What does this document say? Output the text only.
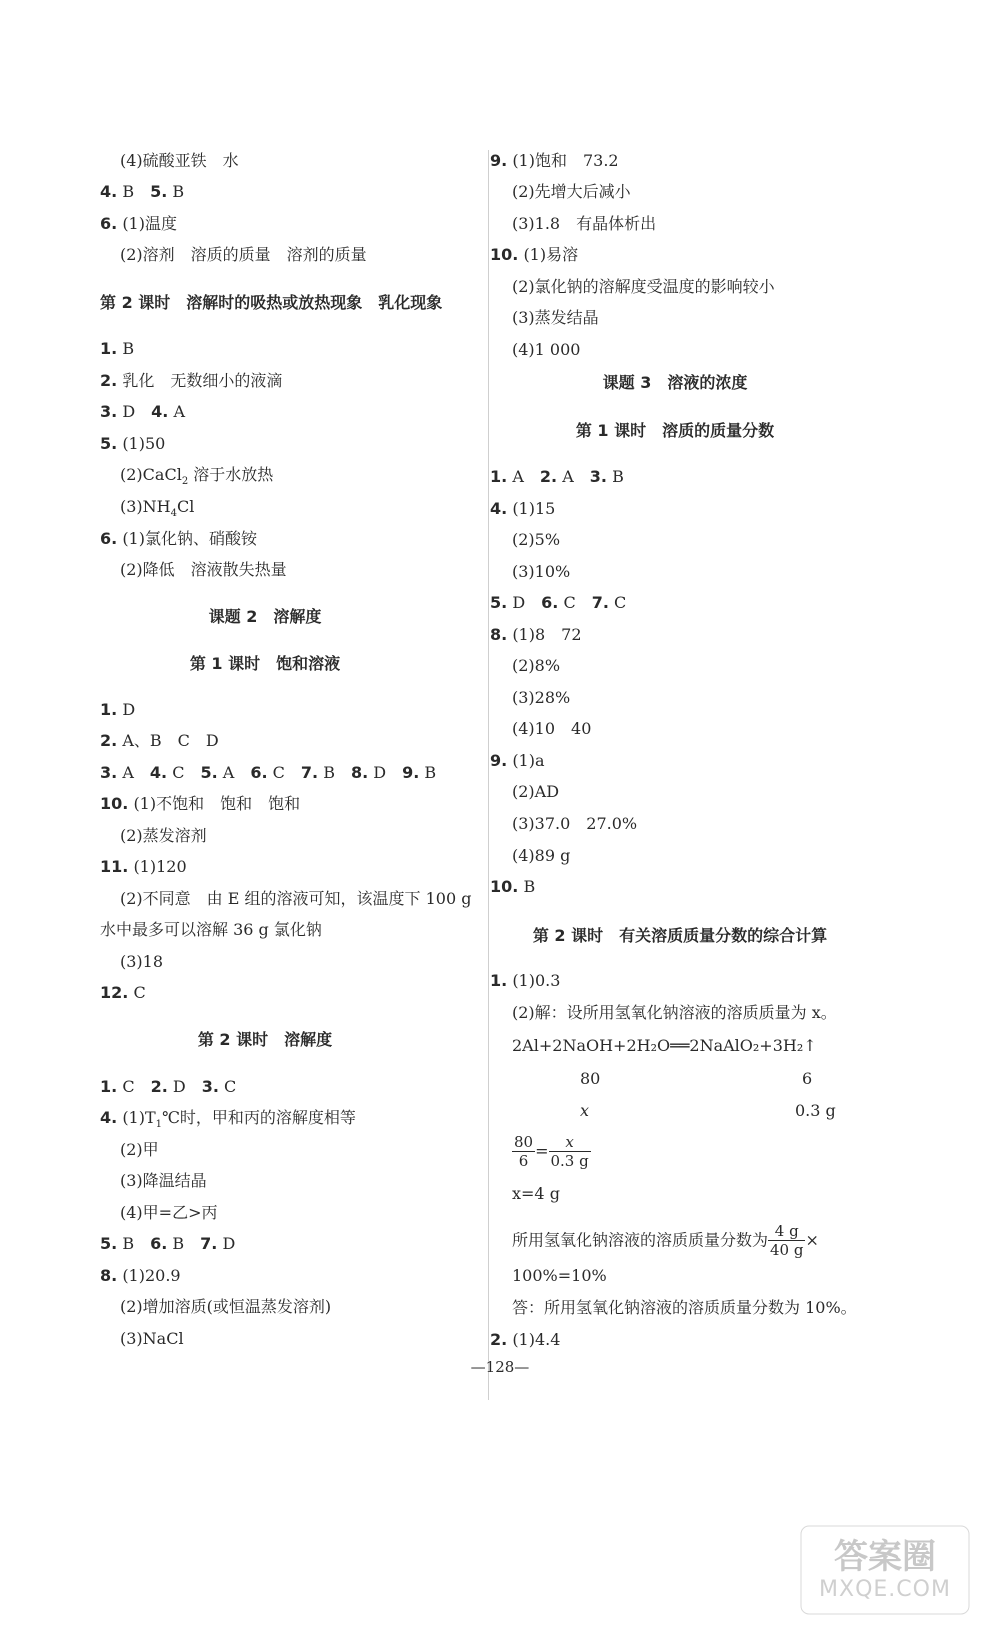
(4)硫酸亚铁　水
4. B　5. B
6. (1)温度
(2)溶剂　溶质的质量　溶剂的质量
第 2 课时　溶解时的吸热或放热现象　乳化现象
1. B
2. 乳化　无数细小的液滴
3. D　4. A
5. (1)50
(2)CaCl$_2$ 溶于水放热
$(3)NH_4Cl$
6. (1)氯化钠、硝酸铵
(2)降低　溶液散失热量
课题 2　溶解度
第 1 课时　饱和溶液
1. D
2. A、B　C　D
3. A　4. C　5. A　6. C　7. B　8. D　9. B
10. (1)不饱和　饱和　饱和
(2)蒸发溶剂
11. (1)120
(2)不同意　由 E 组的溶液可知，该温度下 100 g
水中最多可以溶解 36 g 氯化钠
(3)18
12. C
第 2 课时　溶解度
1. C　2. D　3. C
4. $(1)T_1℃$时，甲和丙的溶解度相等
(2)甲
(3)降温结晶
(4)甲=乙>丙
5. B　6. B　7. D
8. (1)20.9
(2)增加溶质(或恒温蒸发溶剂)
(3)NaCl
9. (1)饱和　73.2
(2)先增大后减小
(3)1.8　有晶体析出
10. (1)易溶
(2)氯化钠的溶解度受温度的影响较小
(3)蒸发结晶
(4)1 000
课题 3　溶液的浓度
第 1 课时　溶质的质量分数
1. A　2. A　3. B
4. (1)15
(2)5%
(3)10%
5. D　6. C　7. C
8. (1)8　72
(2)8%
(3)28%
(4)10　40
9. (1)a
(2)AD
(3)37.0　27.0%
(4)89 g
10. B
第 2 课时　有关溶质质量分数的综合计算
1. (1)0.3
(2)解：设所用氢氧化钠溶液的溶质质量为 x。
2Al+2NaOH+2H₂O══2NaAlO₂+3H₂↑
80	6
x	0.3 g
$\frac{80}{6} = \frac{x}{0.3 g}$
x=4 g
所用氢氧化钠溶液的溶质质量分数为 $\frac{4 g}{40 g}$ ×
100%=10%
答：所用氢氧化钠溶液的溶质质量分数为 10%。
2. (1)4.4
—128—
答案圈
MXQE.COM
